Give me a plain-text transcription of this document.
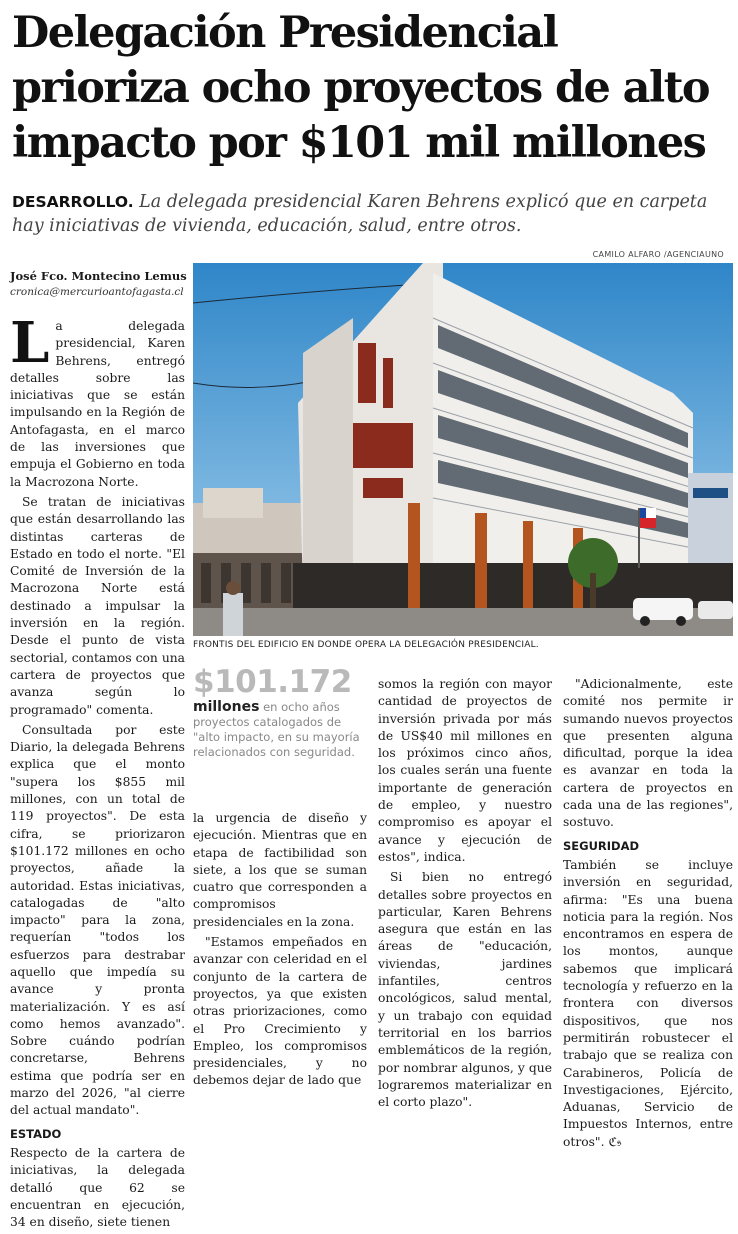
Delegación Presidencial prioriza ocho proyectos de alto impacto por $101 mil millones
DESARROLLO. La delegada presidencial Karen Behrens explicó que en carpeta hay iniciativas de vivienda, educación, salud, entre otros.
CAMILO ALFARO /AGENCIAUNO
José Fco. Montecino Lemus
cronica@mercurioantofagasta.cl
FRONTIS DEL EDIFICIO EN DONDE OPERA LA DELEGACIÓN PRESIDENCIAL.
L a delegada presidencial, Karen Behrens, entregó detalles sobre las iniciativas que se están impulsando en la Región de Antofagasta, en el marco de las inversiones que empuja el Gobierno en toda la Macrozona Norte.

Se tratan de iniciativas que están desarrollando las distintas carteras de Estado en todo el norte. "El Comité de Inversión de la Macrozona Norte está destinado a impulsar la inversión en la región. Desde el punto de vista sectorial, contamos con una cartera de proyectos que avanza según lo programado" comenta.

Consultada por este Diario, la delegada Behrens explica que el monto "supera los $855 mil millones, con un total de 119 proyectos". De esta cifra, se priorizaron $101.172 millones en ocho proyectos, añade la autoridad. Estas iniciativas, catalogadas de "alto impacto" para la zona, requerían "todos los esfuerzos para destrabar aquello que impedía su avance y pronta materialización. Y es así como hemos avanzado". Sobre cuándo podrían concretarse, Behrens estima que podría ser en marzo del 2026, "al cierre del actual mandato".

ESTADO

Respecto de la cartera de iniciativas, la delegada detalló que 62 se encuentran en ejecución, 34 en diseño, siete tienen

$101.172
millones en ocho años proyectos catalogados de "alto impacto, en su mayoría relacionados con seguridad.

la urgencia de diseño y ejecución. Mientras que en etapa de factibilidad son siete, a los que se suman cuatro que corresponden a compromisos presidenciales en la zona.

"Estamos empeñados en avanzar con celeridad en el conjunto de la cartera de proyectos, ya que existen otras priorizaciones, como el Pro Crecimiento y Empleo, los compromisos presidenciales, y no debemos dejar de lado que

somos la región con mayor cantidad de proyectos de inversión privada por más de US$40 mil millones en los próximos cinco años, los cuales serán una fuente importante de generación de empleo, y nuestro compromiso es apoyar el avance y ejecución de estos", indica.

Si bien no entregó detalles sobre proyectos en particular, Karen Behrens asegura que están en las áreas de "educación, viviendas, jardines infantiles, centros oncológicos, salud mental, y un trabajo con equidad territorial en los barrios emblemáticos de la región, por nombrar algunos, y que lograremos materializar en el corto plazo".

"Adicionalmente, este comité nos permite ir sumando nuevos proyectos que presenten alguna dificultad, porque la idea es avanzar en toda la cartera de proyectos en cada una de las regiones", sostuvo.

SEGURIDAD

También se incluye inversión en seguridad, afirma: "Es una buena noticia para la región. Nos encontramos en espera de los montos, aunque sabemos que implicará tecnología y refuerzo en la frontera con diversos dispositivos, que nos permitirán robustecer el trabajo que se realiza con Carabineros, Policía de Investigaciones, Ejército, Aduanas, Servicio de Impuestos Internos, entre otros". ℭ𝔰
